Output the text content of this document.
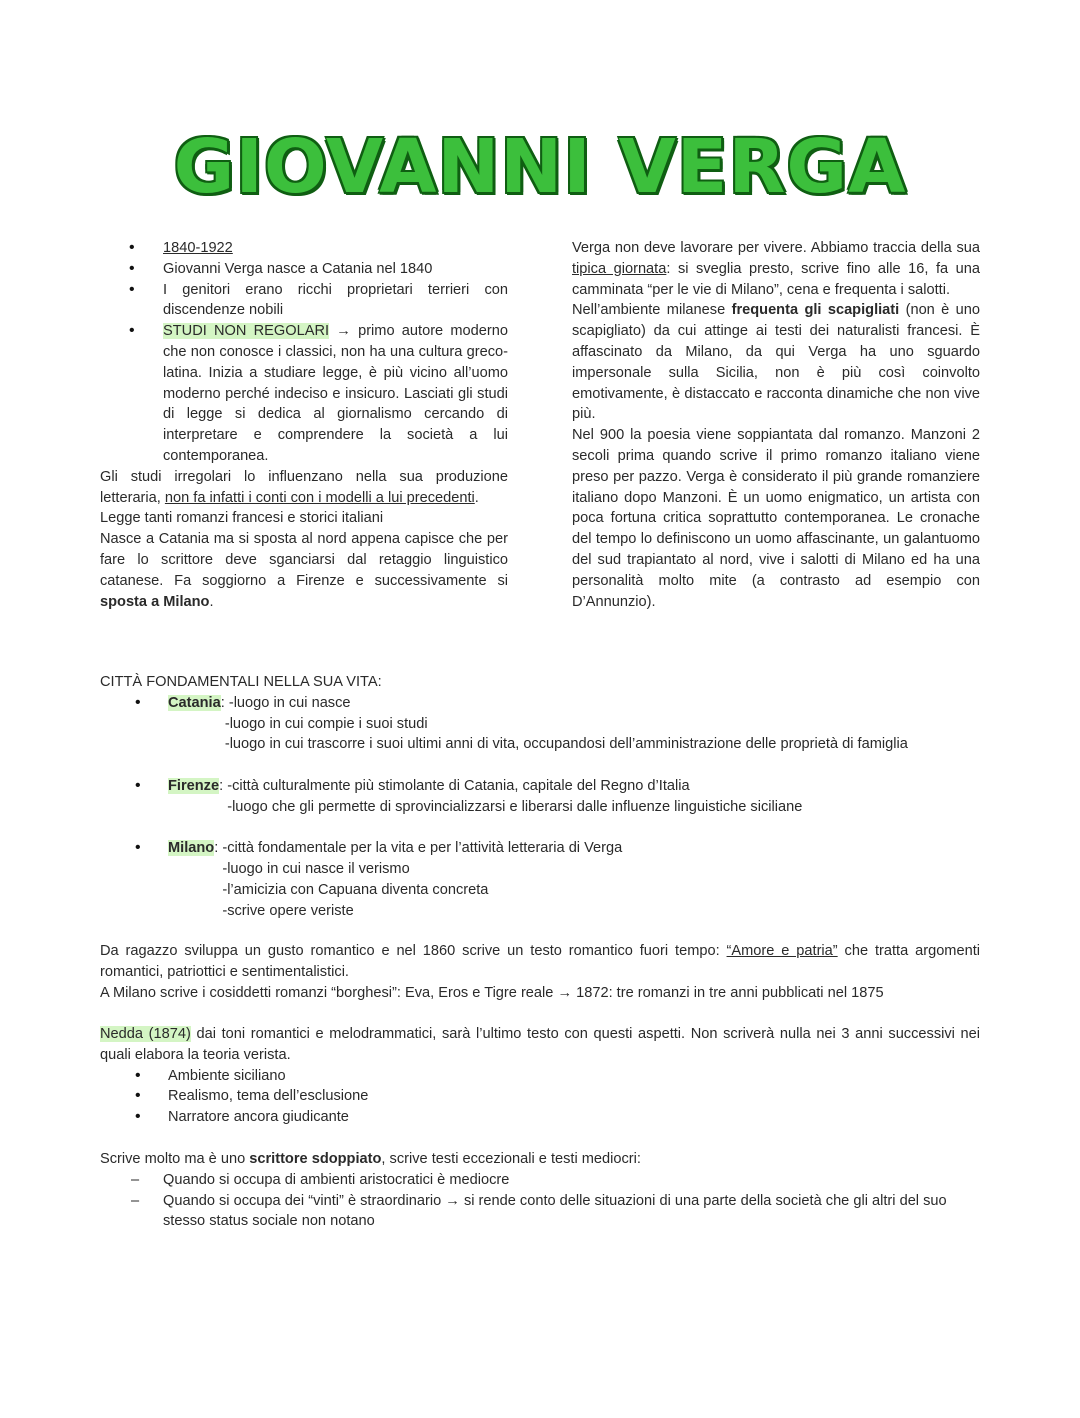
GIOVANNI VERGA
• 1840-1922
• Giovanni Verga nasce a Catania nel 1840
• I genitori erano ricchi proprietari terrieri con discendenze nobili
• STUDI NON REGOLARI → primo autore moderno che non conosce i classici, non ha una cultura greco-latina. Inizia a studiare legge, è più vicino all’uomo moderno perché indeciso e insicuro. Lasciati gli studi di legge si dedica al giornalismo cercando di interpretare e comprendere la società a lui contemporanea.

Gli studi irregolari lo influenzano nella sua produzione letteraria, non fa infatti i conti con i modelli a lui precedenti.

Legge tanti romanzi francesi e storici italiani

Nasce a Catania ma si sposta al nord appena capisce che per fare lo scrittore deve sganciarsi dal retaggio linguistico catanese. Fa soggiorno a Firenze e successivamente si sposta a Milano.

Verga non deve lavorare per vivere. Abbiamo traccia della sua tipica giornata: si sveglia presto, scrive fino alle 16, fa una camminata “per le vie di Milano”, cena e frequenta i salotti.

Nell’ambiente milanese frequenta gli scapigliati (non è uno scapigliato) da cui attinge ai testi dei naturalisti francesi. È affascinato da Milano, da qui Verga ha uno sguardo impersonale sulla Sicilia, non è più così coinvolto emotivamente, è distaccato e racconta dinamiche che non vive più.

Nel 900 la poesia viene soppiantata dal romanzo. Manzoni 2 secoli prima quando scrive il primo romanzo italiano viene preso per pazzo. Verga è considerato il più grande romanziere italiano dopo Manzoni. È un uomo enigmatico, un artista con poca fortuna critica soprattutto contemporanea. Le cronache del tempo lo definiscono un uomo affascinante, un galantuomo del sud trapiantato al nord, vive i salotti di Milano ed ha una personalità molto mite (a contrasto ad esempio con D’Annunzio).

CITTÀ FONDAMENTALI NELLA SUA VITA:
• Catania: -luogo in cui nasce
-luogo in cui compie i suoi studi
-luogo in cui trascorre i suoi ultimi anni di vita, occupandosi dell’amministrazione delle proprietà di famiglia
• Firenze: -città culturalmente più stimolante di Catania, capitale del Regno d’Italia
-luogo che gli permette di sprovincializzarsi e liberarsi dalle influenze linguistiche siciliane
• Milano: -città fondamentale per la vita e per l’attività letteraria di Verga
-luogo in cui nasce il verismo
-l’amicizia con Capuana diventa concreta
-scrive opere veriste

Da ragazzo sviluppa un gusto romantico e nel 1860 scrive un testo romantico fuori tempo: “Amore e patria” che tratta argomenti romantici, patriottici e sentimentalistici.

A Milano scrive i cosiddetti romanzi “borghesi”: Eva, Eros e Tigre reale → 1872: tre romanzi in tre anni pubblicati nel 1875

Nedda (1874) dai toni romantici e melodrammatici, sarà l’ultimo testo con questi aspetti. Non scriverà nulla nei 3 anni successivi nei quali elabora la teoria verista.

• Ambiente siciliano
• Realismo, tema dell’esclusione
• Narratore ancora giudicante

Scrive molto ma è uno scrittore sdoppiato, scrive testi eccezionali e testi mediocri:

– Quando si occupa di ambienti aristocratici è mediocre
– Quando si occupa dei “vinti” è straordinario → si rende conto delle situazioni di una parte della società che gli altri del suo stesso status sociale non notano
